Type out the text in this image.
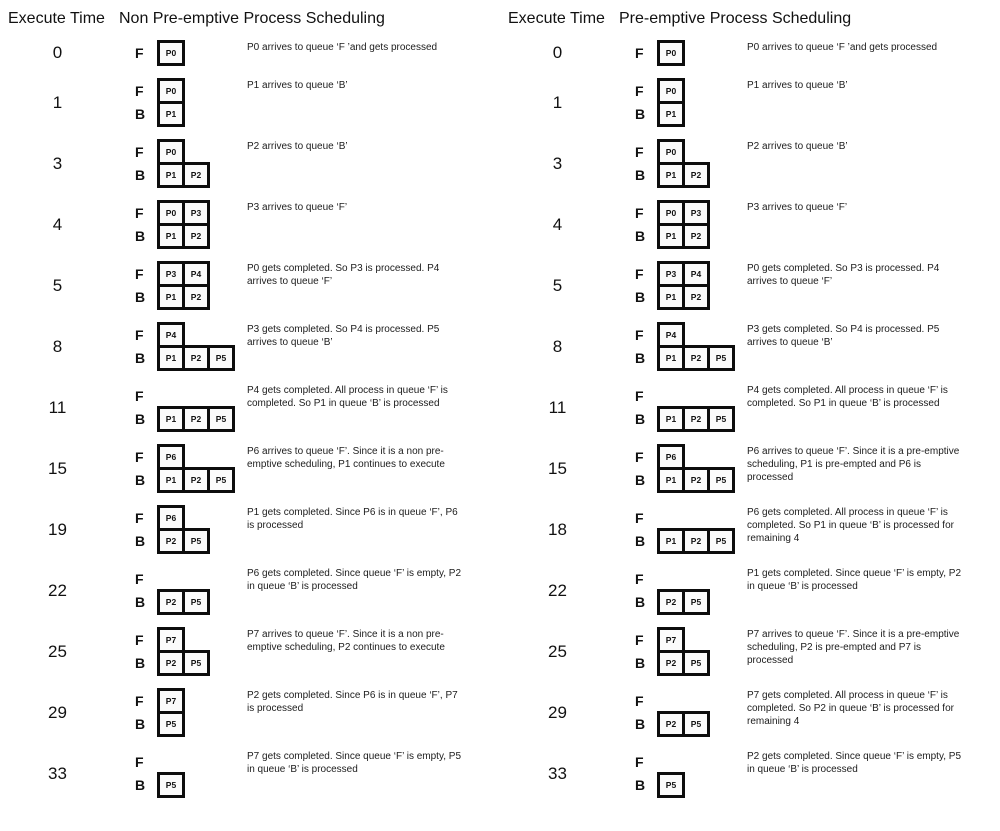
Execute Time Non Pre-emptive Process Scheduling
0	F	P0	P0 arrives to queue ‘F ’and gets processed
1
F	P0
B	P1
P1 arrives to queue ‘B’
3
F	P0
B	P1	P2
P2 arrives to queue ‘B’
4
F	P0	P3
B	P1	P2
P3 arrives to queue ‘F’
5
F	P3	P4
B	P1	P2
P0 gets completed. So P3 is processed. P4 arrives to queue ‘F’
8
F	P4
B	P1	P2	P5
P3 gets completed. So P4 is processed. P5 arrives to queue ‘B’
11
F
B	P1	P2	P5
P4 gets completed. All process in queue ‘F’ is completed. So P1 in queue ‘B’ is processed
15
F	P6
B	P1	P2	P5
P6 arrives to queue ‘F’. Since it is a non pre-emptive scheduling, P1 continues to execute
19
F	P6
B	P2	P5
P1 gets completed. Since P6 is in queue ‘F’, P6 is processed
22
F
B	P2	P5
P6 gets completed. Since queue ‘F’ is empty, P2 in queue ‘B’ is processed
25
F	P7
B	P2	P5
P7 arrives to queue ‘F’. Since it is a non pre-emptive scheduling, P2 continues to execute
29
F	P7
B	P5
P2 gets completed. Since P6 is in queue ‘F’, P7 is processed
33
F
B	P5
P7 gets completed. Since queue ‘F’ is empty, P5 in queue ‘B’ is processed
Execute Time Pre-emptive Process Scheduling
0	F	P0	P0 arrives to queue ‘F ’and gets processed
1
F	P0
B	P1
P1 arrives to queue ‘B’
3
F	P0
B	P1	P2
P2 arrives to queue ‘B’
4
F	P0	P3
B	P1	P2
P3 arrives to queue ‘F’
5
F	P3	P4
B	P1	P2
P0 gets completed. So P3 is processed. P4 arrives to queue ‘F’
8
F	P4
B	P1	P2	P5
P3 gets completed. So P4 is processed. P5 arrives to queue ‘B’
11
F
B	P1	P2	P5
P4 gets completed. All process in queue ‘F’ is completed. So P1 in queue ‘B’ is processed
15
F	P6
B	P1	P2	P5
P6 arrives to queue ‘F’. Since it is a pre-emptive scheduling, P1 is pre-empted and P6 is processed
18
F
B	P1	P2	P5
P6 gets completed. All process in queue ‘F’ is completed. So P1 in queue ‘B’ is processed for remaining 4
22
F
B	P2	P5
P1 gets completed. Since queue ‘F’ is empty, P2 in queue ‘B’ is processed
25
F	P7
B	P2	P5
P7 arrives to queue ‘F’. Since it is a pre-emptive scheduling, P2 is pre-empted and P7 is processed
29
F
B	P2	P5
P7 gets completed. All process in queue ‘F’ is completed. So P2 in queue ‘B’ is processed for remaining 4
33
F
B	P5
P2 gets completed. Since queue ‘F’ is empty, P5 in queue ‘B’ is processed
